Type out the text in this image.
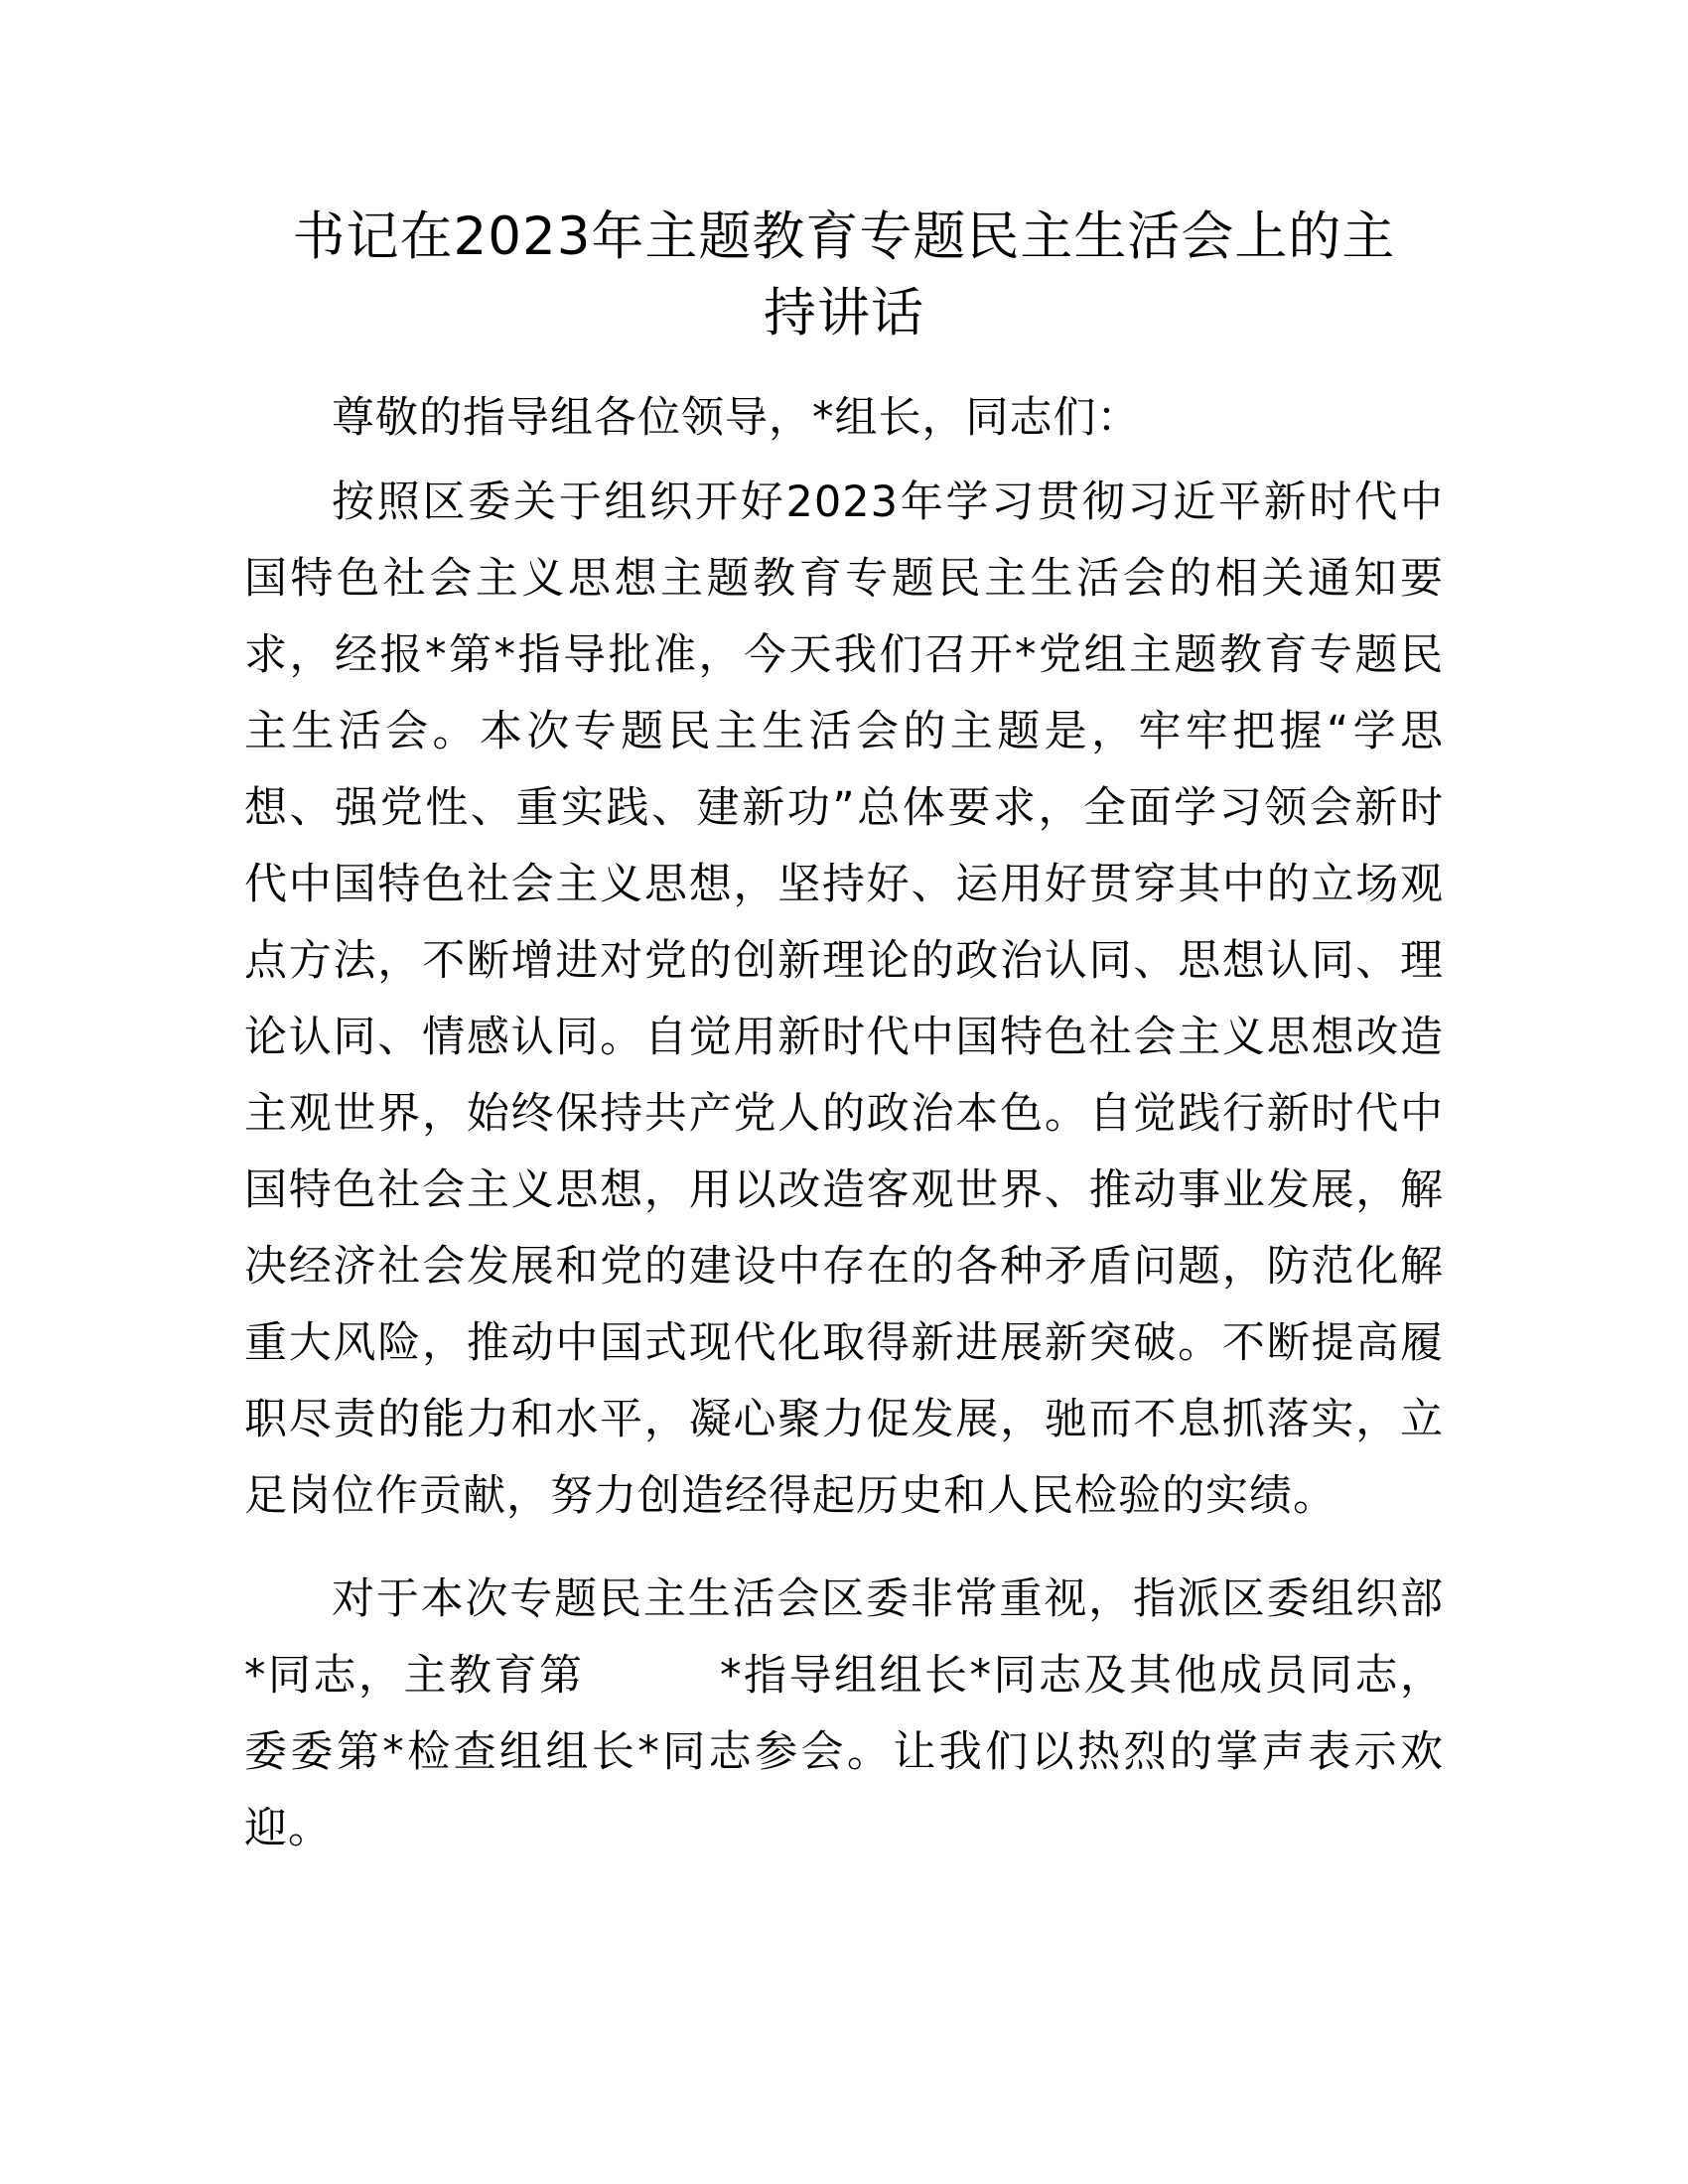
书记在2023年主题教育专题民主生活会上的主
持讲话

尊敬的指导组各位领导，*组长，同志们：

按照区委关于组织开好2023年学习贯彻习近平新时代中
国特色社会主义思想主题教育专题民主生活会的相关通知要
求，经报*第*指导批准，今天我们召开*党组主题教育专题民
主生活会。本次专题民主生活会的主题是，牢牢把握“学思
想、强党性、重实践、建新功”总体要求，全面学习领会新时
代中国特色社会主义思想，坚持好、运用好贯穿其中的立场观
点方法，不断增进对党的创新理论的政治认同、思想认同、理
论认同、情感认同。自觉用新时代中国特色社会主义思想改造
主观世界，始终保持共产党人的政治本色。自觉践行新时代中
国特色社会主义思想，用以改造客观世界、推动事业发展，解
决经济社会发展和党的建设中存在的各种矛盾问题，防范化解
重大风险，推动中国式现代化取得新进展新突破。不断提高履
职尽责的能力和水平，凝心聚力促发展，驰而不息抓落实，立
足岗位作贡献，努力创造经得起历史和人民检验的实绩。
对于本次专题民主生活会区委非常重视，指派区委组织部
*同志，主教育第　　　*指导组组长*同志及其他成员同志，
委委第*检查组组长*同志参会。让我们以热烈的掌声表示欢
迎。
